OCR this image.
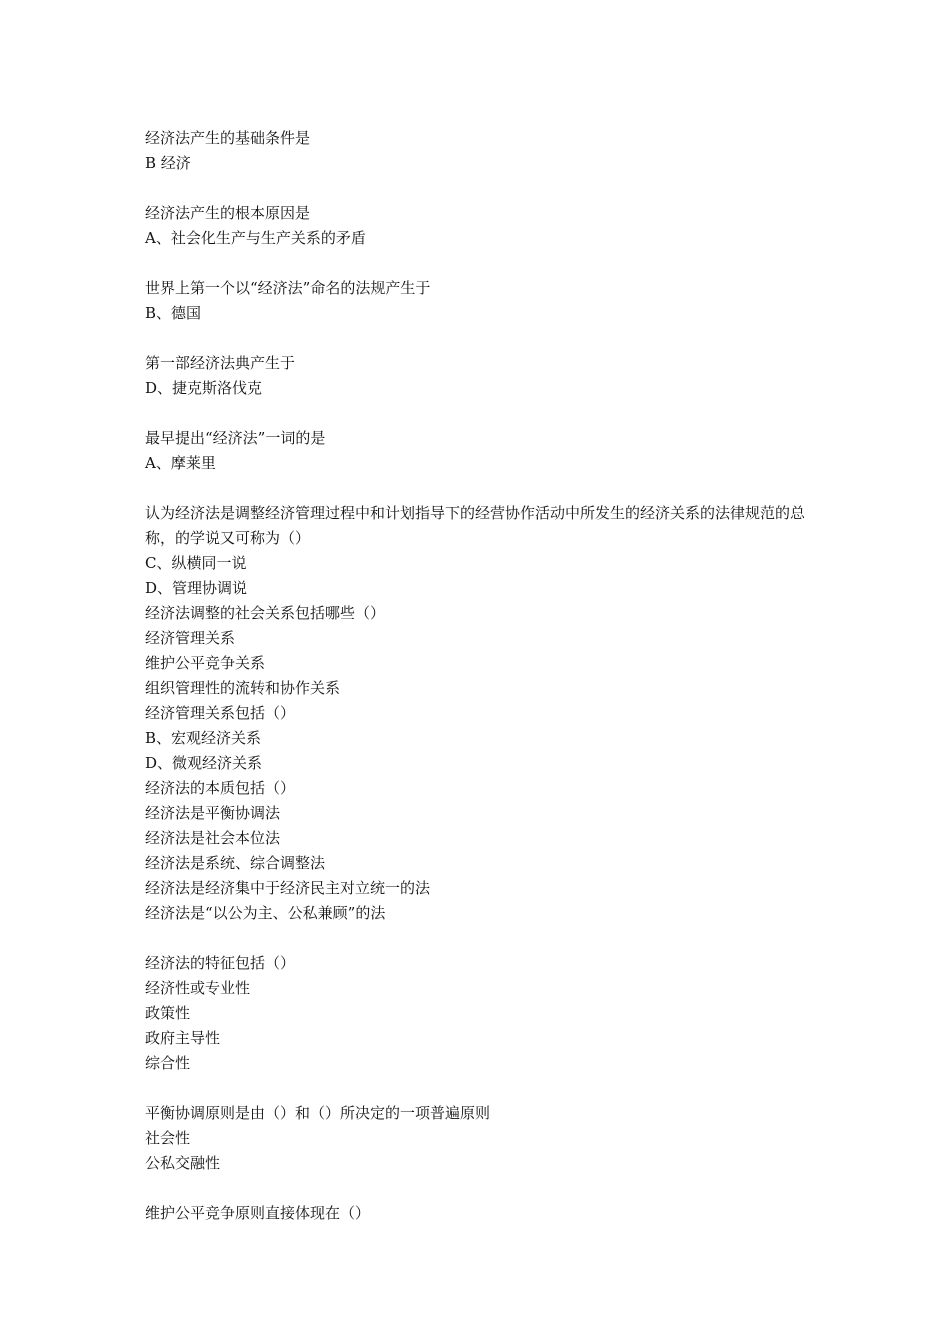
经济法产生的基础条件是
B 经济
经济法产生的根本原因是
A、社会化生产与生产关系的矛盾
世界上第一个以“经济法”命名的法规产生于
B、德国
第一部经济法典产生于
D、捷克斯洛伐克
最早提出“经济法”一词的是
A、摩莱里
认为经济法是调整经济管理过程中和计划指导下的经营协作活动中所发生的经济关系的法律规范的总称，的学说又可称为（）
C、纵横同一说
D、管理协调说
经济法调整的社会关系包括哪些（）
经济管理关系
维护公平竞争关系
组织管理性的流转和协作关系
经济管理关系包括（）
B、宏观经济关系
D、微观经济关系
经济法的本质包括（）
经济法是平衡协调法
经济法是社会本位法
经济法是系统、综合调整法
经济法是经济集中于经济民主对立统一的法
经济法是“以公为主、公私兼顾”的法
经济法的特征包括（）
经济性或专业性
政策性
政府主导性
综合性
平衡协调原则是由（）和（）所决定的一项普遍原则
社会性
公私交融性
维护公平竞争原则直接体现在（）
